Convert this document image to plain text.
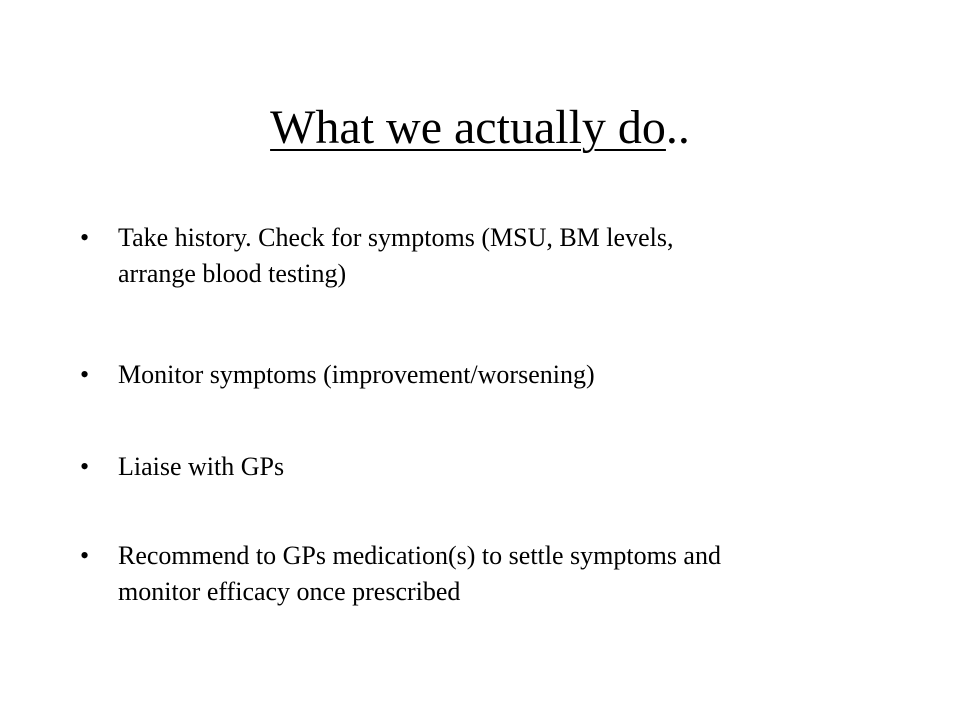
What we actually do..
• Take history. Check for symptoms (MSU, BM levels,
arrange blood testing)
• Monitor symptoms (improvement/worsening)
• Liaise with GPs
• Recommend to GPs medication(s) to settle symptoms and
monitor efficacy once prescribed
